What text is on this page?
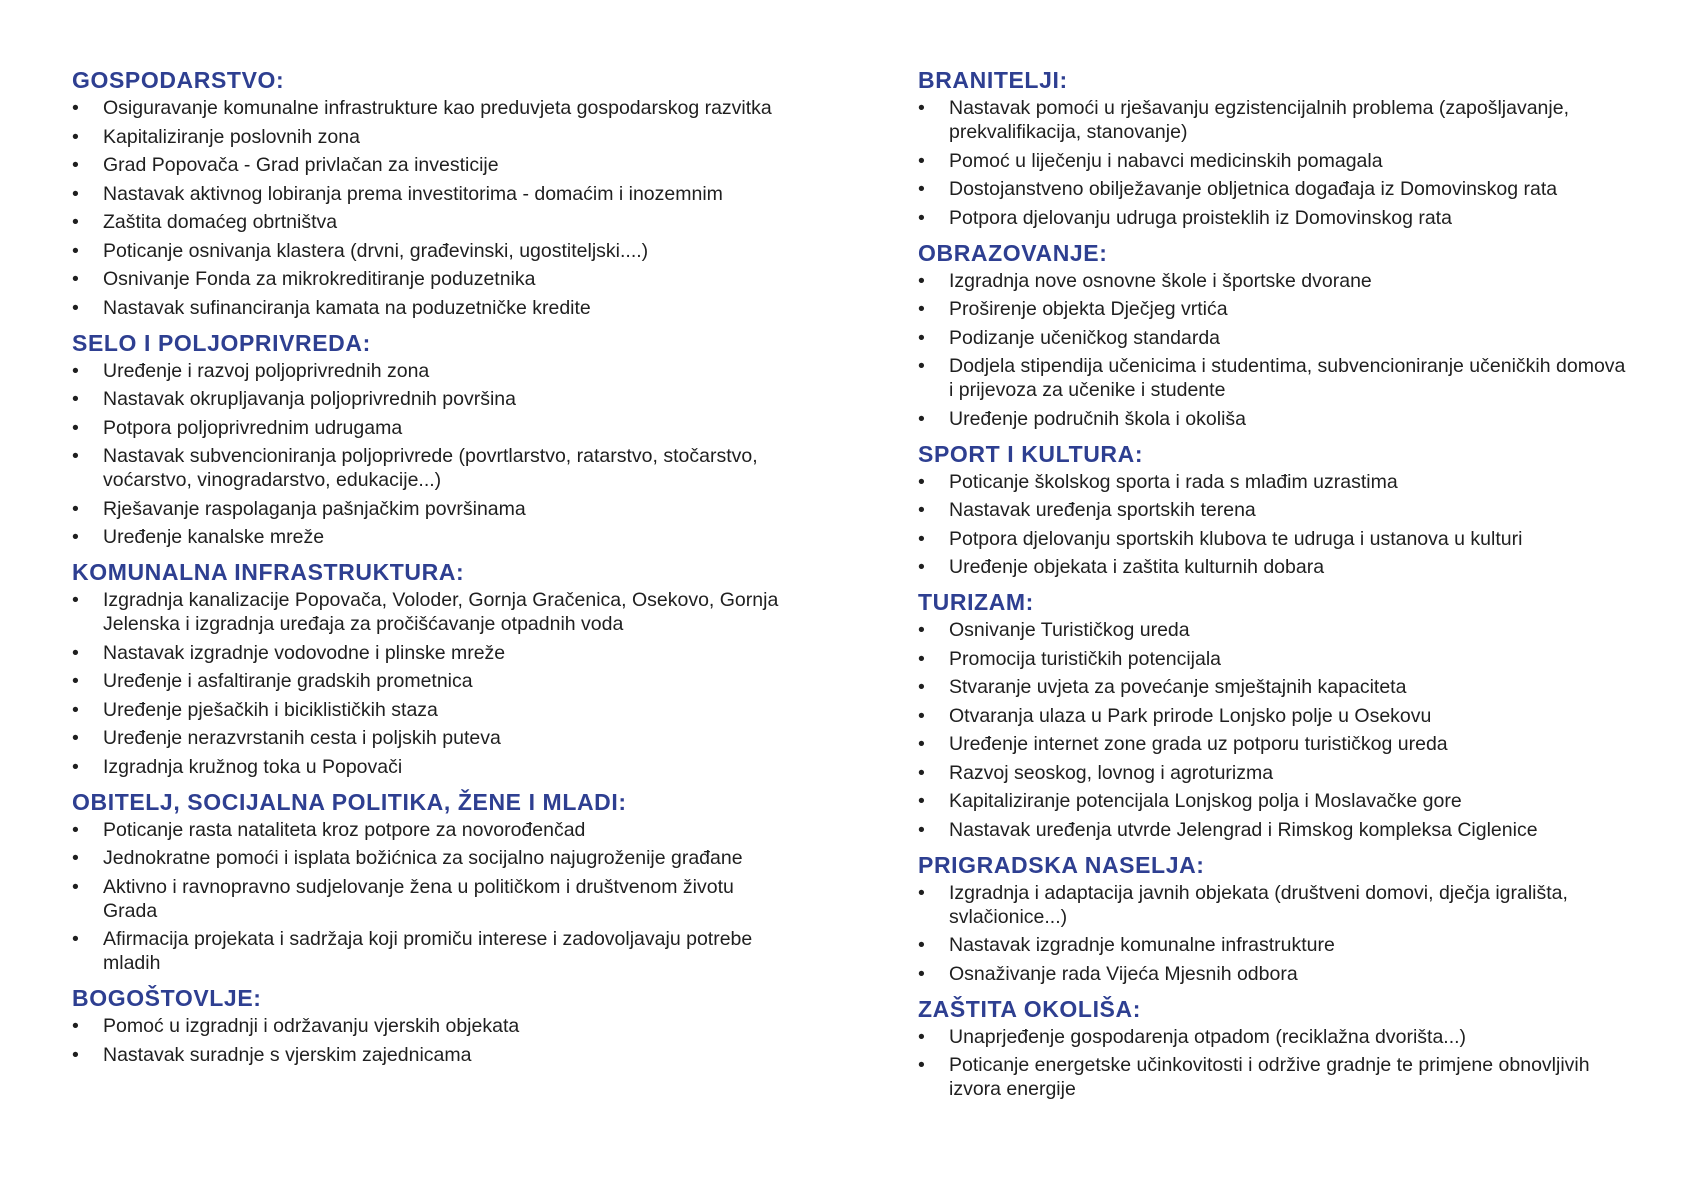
GOSPODARSTVO:
•	Osiguravanje komunalne infrastrukture kao preduvjeta gospodarskog razvitka
•	Kapitaliziranje poslovnih zona
•	Grad Popovača - Grad privlačan za investicije
•	Nastavak aktivnog lobiranja prema investitorima - domaćim i inozemnim
•	Zaštita domaćeg obrtništva
•	Poticanje osnivanja klastera (drvni, građevinski, ugostiteljski....)
•	Osnivanje Fonda za mikrokreditiranje poduzetnika
•	Nastavak sufinanciranja kamata na poduzetničke kredite
SELO I POLJOPRIVREDA:
•	Uređenje i razvoj poljoprivrednih zona
•	Nastavak okrupljavanja poljoprivrednih površina
•	Potpora poljoprivrednim udrugama
•	Nastavak subvencioniranja poljoprivrede (povrtlarstvo, ratarstvo, stočarstvo, voćarstvo, vinogradarstvo, edukacije...)
•	Rješavanje raspolaganja pašnjačkim površinama
•	Uređenje kanalske mreže
KOMUNALNA INFRASTRUKTURA:
•	Izgradnja kanalizacije Popovača, Voloder, Gornja Gračenica, Osekovo, Gornja Jelenska i izgradnja uređaja za pročišćavanje otpadnih voda
•	Nastavak izgradnje vodovodne i plinske mreže
•	Uređenje i asfaltiranje gradskih prometnica
•	Uređenje pješačkih i biciklističkih staza
•	Uređenje nerazvrstanih cesta i poljskih puteva
•	Izgradnja kružnog toka u Popovači
OBITELJ, SOCIJALNA POLITIKA, ŽENE I MLADI:
•	Poticanje rasta nataliteta kroz potpore za novorođenčad
•	Jednokratne pomoći i isplata božićnica za socijalno najugroženije građane
•	Aktivno i ravnopravno sudjelovanje žena u političkom i društvenom životu Grada
•	Afirmacija projekata i sadržaja koji promiču interese i zadovoljavaju potrebe mladih
BOGOŠTOVLJE:
•	Pomoć u izgradnji i održavanju vjerskih objekata
•	Nastavak suradnje s vjerskim zajednicama
BRANITELJI:
•	Nastavak pomoći u rješavanju egzistencijalnih problema (zapošljavanje, prekvalifikacija, stanovanje)
•	Pomoć u liječenju i nabavci medicinskih pomagala
•	Dostojanstveno obilježavanje obljetnica događaja iz Domovinskog rata
•	Potpora djelovanju udruga proisteklih iz Domovinskog rata
OBRAZOVANJE:
•	Izgradnja nove osnovne škole i športske dvorane
•	Proširenje objekta Dječjeg vrtića
•	Podizanje učeničkog standarda
•	Dodjela stipendija učenicima i studentima, subvencioniranje učeničkih domova i prijevoza za učenike i studente
•	Uređenje područnih škola i okoliša
SPORT I KULTURA:
•	Poticanje školskog sporta i rada s mlađim uzrastima
•	Nastavak uređenja sportskih terena
•	Potpora djelovanju sportskih klubova te udruga i ustanova u kulturi
•	Uređenje objekata i zaštita kulturnih dobara
TURIZAM:
•	Osnivanje Turističkog ureda
•	Promocija turističkih potencijala
•	Stvaranje uvjeta za povećanje smještajnih kapaciteta
•	Otvaranja ulaza u Park prirode Lonjsko polje u Osekovu
•	Uređenje internet zone grada uz potporu turističkog ureda
•	Razvoj seoskog, lovnog i agroturizma
•	Kapitaliziranje potencijala Lonjskog polja i Moslavačke gore
•	Nastavak uređenja utvrde Jelengrad i Rimskog kompleksa Ciglenice
PRIGRADSKA NASELJA:
•	Izgradnja i adaptacija javnih objekata (društveni domovi, dječja igrališta, svlačionice...)
•	Nastavak izgradnje komunalne infrastrukture
•	Osnaživanje rada Vijeća Mjesnih odbora
ZAŠTITA OKOLIŠA:
•	Unaprjeđenje gospodarenja otpadom (reciklažna dvorišta...)
•	Poticanje energetske učinkovitosti i održive gradnje te primjene obnovljivih izvora energije
